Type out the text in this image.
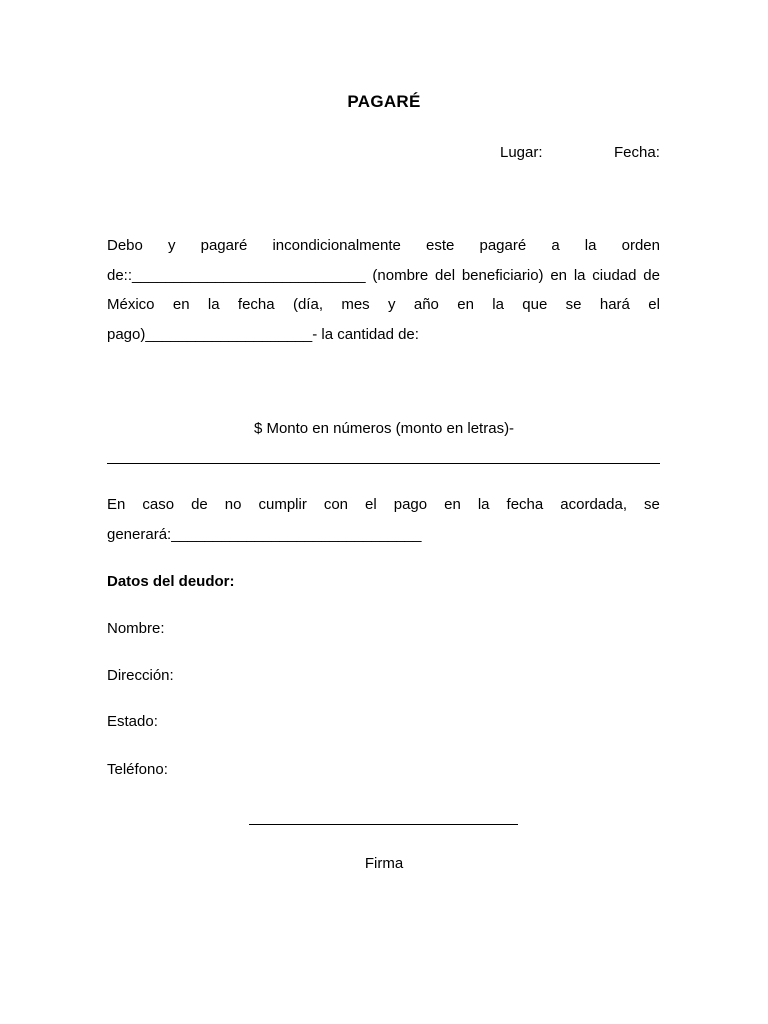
PAGARÉ
Lugar:	Fecha:
Debo y pagaré incondicionalmente este pagaré a la orden
de::____________________________ (nombre del beneficiario) en la ciudad de
México en la fecha (día, mes y año en la que se hará el
pago)____________________- la cantidad de:
$ Monto en números (monto en letras)-
En caso de no cumplir con el pago en la fecha acordada, se
generará:______________________________
Datos del deudor:
Nombre:
Dirección:
Estado:
Teléfono:
Firma
